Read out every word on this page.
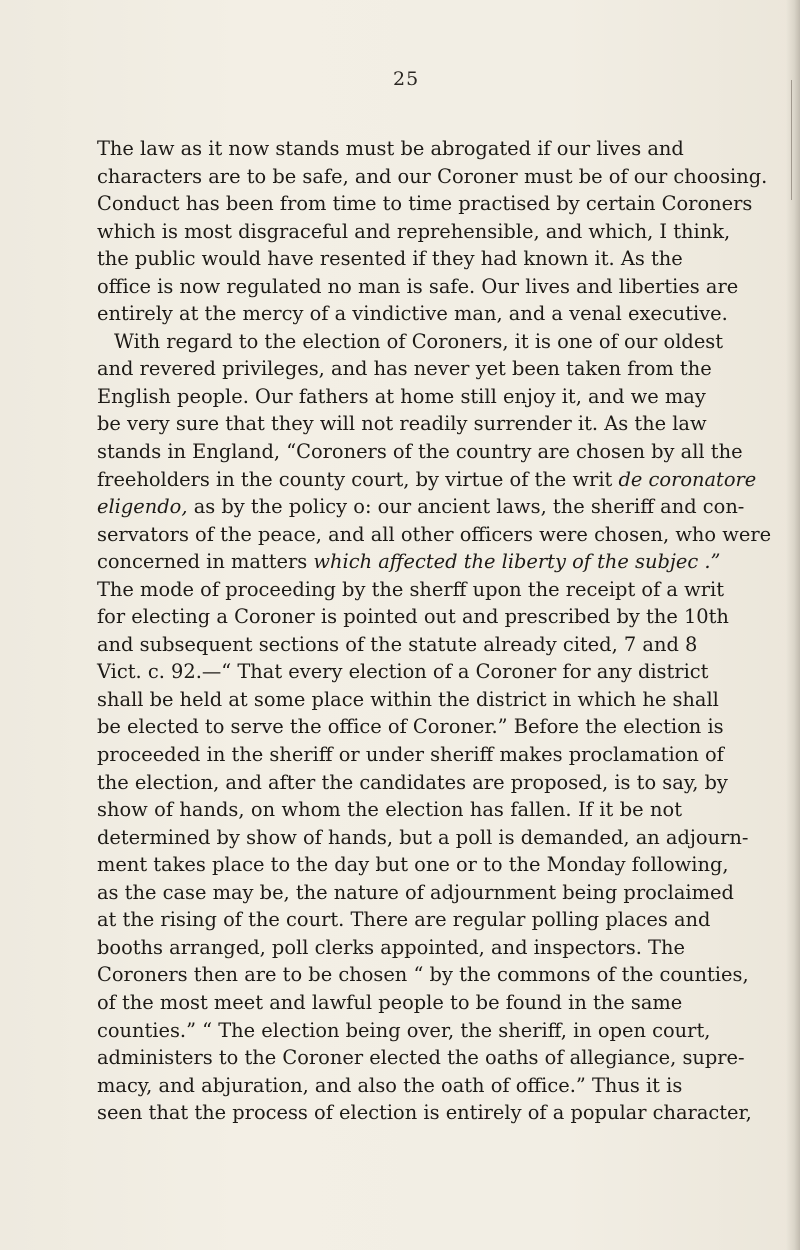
25
The law as it now stands must be abrogated if our lives and
characters are to be safe, and our Coroner must be of our choosing.
Conduct has been from time to time practised by certain Coroners
which is most disgraceful and reprehensible, and which, I think,
the public would have resented if they had known it. As the
office is now regulated no man is safe. Our lives and liberties are
entirely at the mercy of a vindictive man, and a venal executive.
With regard to the election of Coroners, it is one of our oldest
and revered privileges, and has never yet been taken from the
English people. Our fathers at home still enjoy it, and we may
be very sure that they will not readily surrender it. As the law
stands in England, “Coroners of the country are chosen by all the
freeholders in the county court, by virtue of the writ de coronatore
eligendo, as by the policy o: our ancient laws, the sheriff and con-
servators of the peace, and all other officers were chosen, who were
concerned in matters which affected the liberty of the subjec .”
The mode of proceeding by the sherff upon the receipt of a writ
for electing a Coroner is pointed out and prescribed by the 10th
and subsequent sections of the statute already cited, 7 and 8
Vict. c. 92.—“ That every election of a Coroner for any district
shall be held at some place within the district in which he shall
be elected to serve the office of Coroner.” Before the election is
proceeded in the sheriff or under sheriff makes proclamation of
the election, and after the candidates are proposed, is to say, by
show of hands, on whom the election has fallen. If it be not
determined by show of hands, but a poll is demanded, an adjourn-
ment takes place to the day but one or to the Monday following,
as the case may be, the nature of adjournment being proclaimed
at the rising of the court. There are regular polling places and
booths arranged, poll clerks appointed, and inspectors. The
Coroners then are to be chosen “ by the commons of the counties,
of the most meet and lawful people to be found in the same
counties.” “ The election being over, the sheriff, in open court,
administers to the Coroner elected the oaths of allegiance, supre-
macy, and abjuration, and also the oath of office.” Thus it is
seen that the process of election is entirely of a popular character,
